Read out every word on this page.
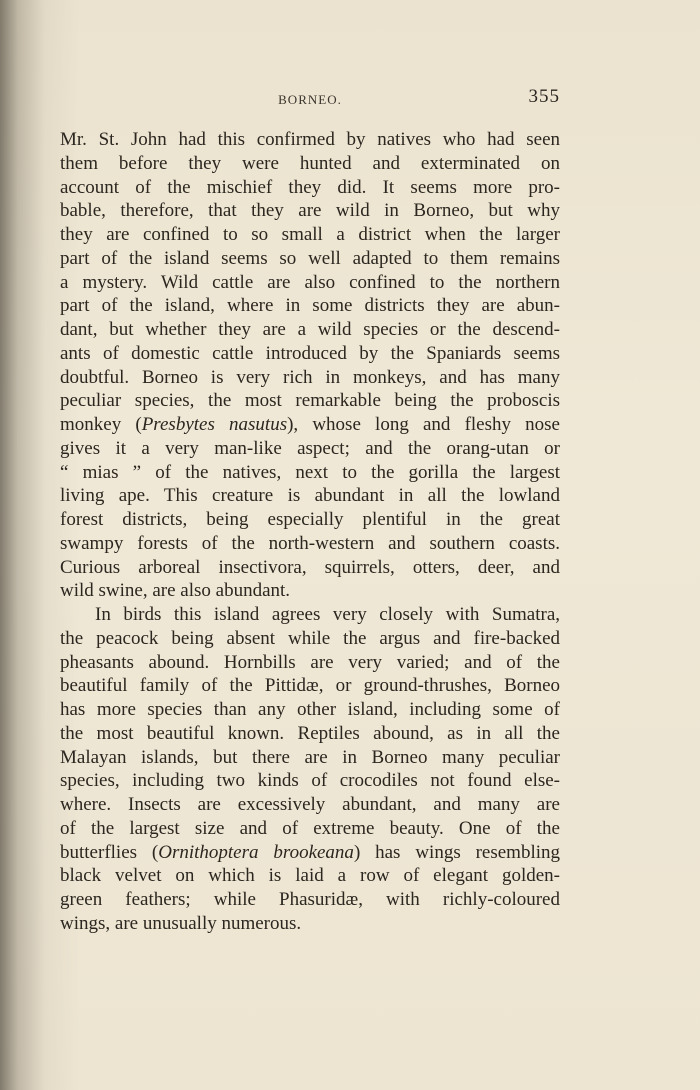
BORNEO.	355
Mr. St. John had this confirmed by natives who had seen
them before they were hunted and exterminated on
account of the mischief they did. It seems more pro-
bable, therefore, that they are wild in Borneo, but why
they are confined to so small a district when the larger
part of the island seems so well adapted to them remains
a mystery. Wild cattle are also confined to the northern
part of the island, where in some districts they are abun-
dant, but whether they are a wild species or the descend-
ants of domestic cattle introduced by the Spaniards seems
doubtful. Borneo is very rich in monkeys, and has many
peculiar species, the most remarkable being the proboscis
monkey (Presbytes nasutus), whose long and fleshy nose
gives it a very man-like aspect; and the orang-utan or
“ mias ” of the natives, next to the gorilla the largest
living ape. This creature is abundant in all the lowland
forest districts, being especially plentiful in the great
swampy forests of the north-western and southern coasts.
Curious arboreal insectivora, squirrels, otters, deer, and
wild swine, are also abundant.
In birds this island agrees very closely with Sumatra,
the peacock being absent while the argus and fire-backed
pheasants abound. Hornbills are very varied; and of the
beautiful family of the Pittidæ, or ground-thrushes, Borneo
has more species than any other island, including some of
the most beautiful known. Reptiles abound, as in all the
Malayan islands, but there are in Borneo many peculiar
species, including two kinds of crocodiles not found else-
where. Insects are excessively abundant, and many are
of the largest size and of extreme beauty. One of the
butterflies (Ornithoptera brookeana) has wings resembling
black velvet on which is laid a row of elegant golden-
green feathers; while Phasuridæ, with richly-coloured
wings, are unusually numerous.
